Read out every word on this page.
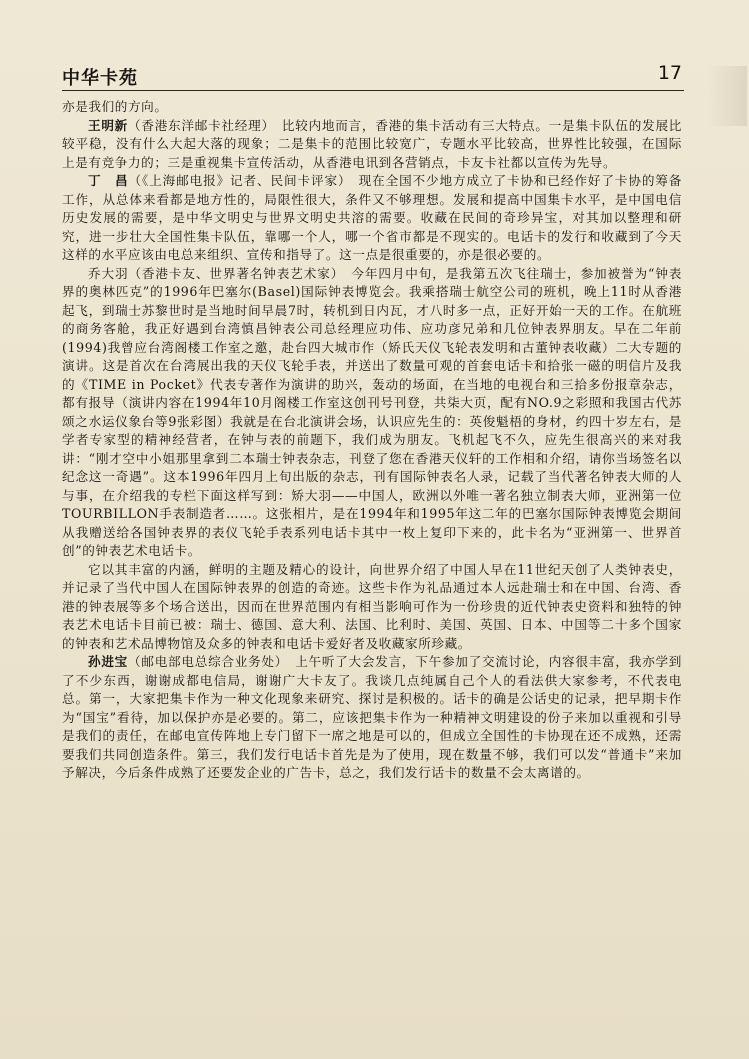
中华卡苑	17

亦是我们的方向。

王明新（香港东洋邮卡社经理）　比较内地而言，香港的集卡活动有三大特点。一是集卡队伍的发展比较平稳，没有什么大起大落的现象；二是集卡的范围比较宽广，专题水平比较高，世界性比较强，在国际上是有竞争力的；三是重视集卡宣传活动，从香港电讯到各营销点，卡友卡社都以宣传为先导。

丁　昌（《上海邮电报》记者、民间卡评家）　现在全国不少地方成立了卡协和已经作好了卡协的筹备工作，从总体来看都是地方性的，局限性很大，条件又不够理想。发展和提高中国集卡水平，是中国电信历史发展的需要，是中华文明史与世界文明史共溶的需要。收藏在民间的奇珍异宝，对其加以整理和研究，进一步壮大全国性集卡队伍，靠哪一个人，哪一个省市都是不现实的。电话卡的发行和收藏到了今天这样的水平应该由电总来组织、宣传和指导了。这一点是很重要的，亦是很必要的。

乔大羽（香港卡友、世界著名钟表艺术家）　今年四月中旬，是我第五次飞往瑞士，参加被誉为“钟表界的奥林匹克”的1996年巴塞尔(Basel)国际钟表博览会。我乘搭瑞士航空公司的班机，晚上11时从香港起飞，到瑞士苏黎世时是当地时间早晨7时，转机到日内瓦，才八时多一点，正好开始一天的工作。在航班的商务客舱，我正好遇到台湾慎昌钟表公司总经理应功伟、应功彦兄弟和几位钟表界朋友。早在二年前(1994)我曾应台湾阁楼工作室之邀，赴台四大城市作（矫氏天仪飞轮表发明和古董钟表收藏）二大专题的演讲。这是首次在台湾展出我的天仪飞轮手表，并送出了数量可观的首套电话卡和拾张一磁的明信片及我的《TIME in Pocket》代表专著作为演讲的助兴，轰动的场面，在当地的电视台和三拾多份报章杂志，都有报导（演讲内容在1994年10月阁楼工作室这创刊号刊登，共柒大页，配有NO.9之彩照和我国古代苏颂之水运仪象台等9张彩图）我就是在台北演讲会场，认识应先生的：英俊魁梧的身材，约四十岁左右，是学者专家型的精神经营者，在钟与表的前题下，我们成为朋友。飞机起飞不久，应先生很高兴的来对我讲：“刚才空中小姐那里拿到二本瑞士钟表杂志，刊登了您在香港天仪轩的工作相和介绍，请你当场签名以纪念这一奇遇”。这本1996年四月上旬出版的杂志，刊有国际钟表名人录，记载了当代著名钟表大师的人与事，在介绍我的专栏下面这样写到：矫大羽——中国人，欧洲以外唯一著名独立制表大师，亚洲第一位TOURBILLON手表制造者……。这张相片，是在1994年和1995年这二年的巴塞尔国际钟表博览会期间从我赠送给各国钟表界的表仪飞轮手表系列电话卡其中一枚上复印下来的，此卡名为“亚洲第一、世界首创”的钟表艺术电话卡。

它以其丰富的内涵，鲜明的主题及精心的设计，向世界介绍了中国人早在11世纪天创了人类钟表史，并记录了当代中国人在国际钟表界的创造的奇迹。这些卡作为礼品通过本人远赴瑞士和在中国、台湾、香港的钟表展等多个场合送出，因而在世界范围内有相当影响可作为一份珍贵的近代钟表史资料和独特的钟表艺术电话卡目前已被：瑞士、德国、意大利、法国、比利时、美国、英国、日本、中国等二十多个国家的钟表和艺术品博物馆及众多的钟表和电话卡爱好者及收藏家所珍藏。

孙进宝（邮电部电总综合业务处）　上午听了大会发言，下午参加了交流讨论，内容很丰富，我亦学到了不少东西，谢谢成都电信局，谢谢广大卡友了。我谈几点纯属自己个人的看法供大家参考，不代表电总。第一，大家把集卡作为一种文化现象来研究、探讨是积极的。话卡的确是公话史的记录，把早期卡作为“国宝”看待，加以保护亦是必要的。第二，应该把集卡作为一种精神文明建设的份子来加以重视和引导是我们的责任，在邮电宣传阵地上专门留下一席之地是可以的，但成立全国性的卡协现在还不成熟，还需要我们共同创造条件。第三，我们发行电话卡首先是为了使用，现在数量不够，我们可以发“普通卡”来加予解决，今后条件成熟了还要发企业的广告卡，总之，我们发行话卡的数量不会太离谱的。
